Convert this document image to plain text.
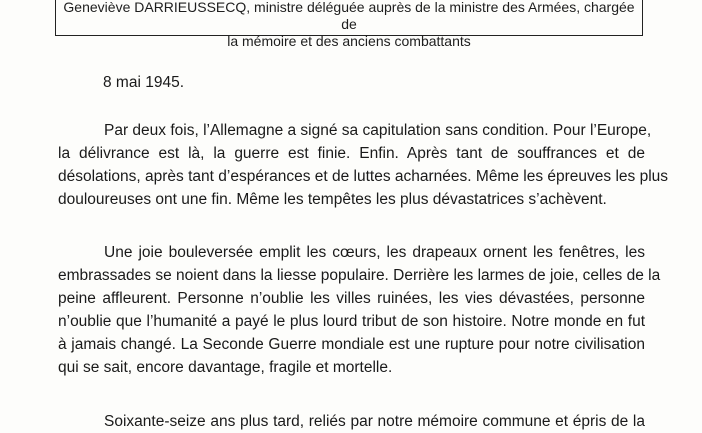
Geneviève DARRIEUSSECQ, ministre déléguée auprès de la ministre des Armées, chargée de
la mémoire et des anciens combattants
8 mai 1945.
Par deux fois, l’Allemagne a signé sa capitulation sans condition. Pour l’Europe,
la délivrance est là, la guerre est finie. Enfin. Après tant de souffrances et de
désolations, après tant d’espérances et de luttes acharnées. Même les épreuves les plus
douloureuses ont une fin. Même les tempêtes les plus dévastatrices s’achèvent.
Une joie bouleversée emplit les cœurs, les drapeaux ornent les fenêtres, les
embrassades se noient dans la liesse populaire. Derrière les larmes de joie, celles de la
peine affleurent. Personne n’oublie les villes ruinées, les vies dévastées, personne
n’oublie que l’humanité a payé le plus lourd tribut de son histoire. Notre monde en fut
à jamais changé. La Seconde Guerre mondiale est une rupture pour notre civilisation
qui se sait, encore davantage, fragile et mortelle.
Soixante-seize ans plus tard, reliés par notre mémoire commune et épris de la
